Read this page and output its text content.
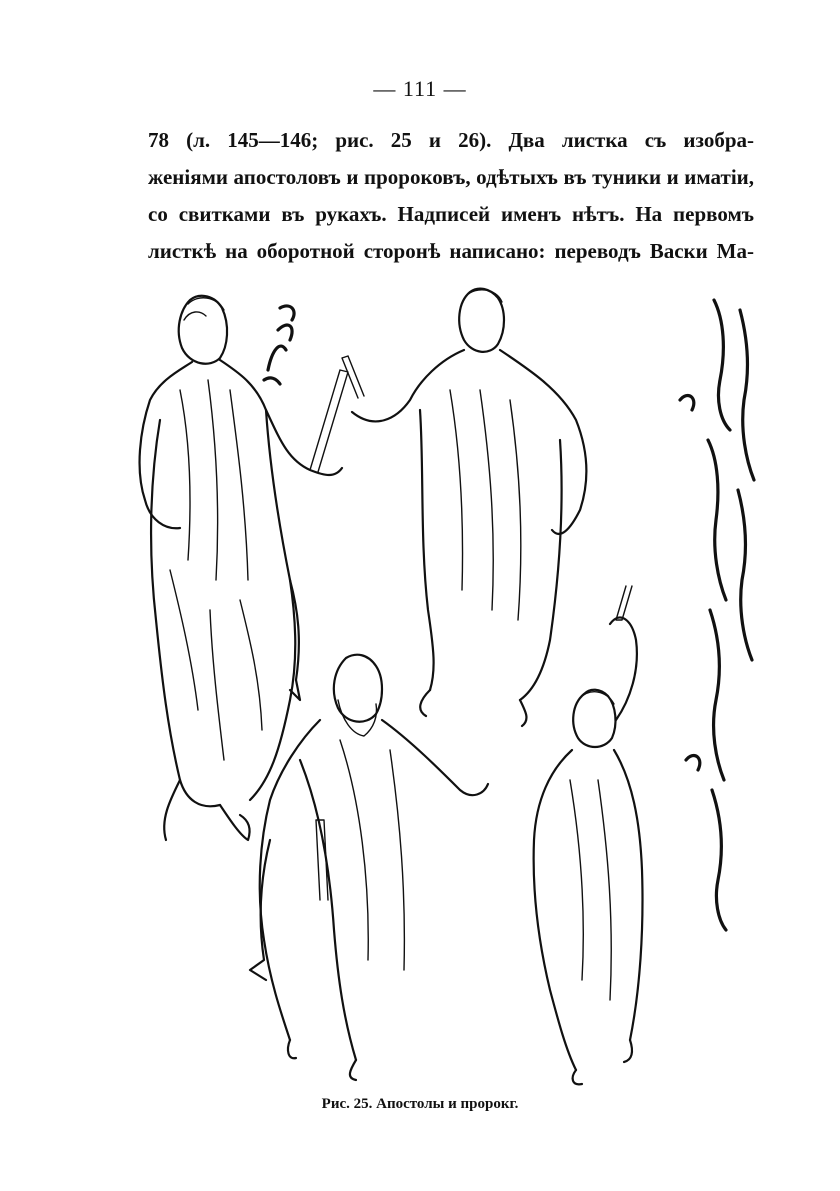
— 111 —
78 (л. 145—146; рис. 25 и 26). Два листка съ изобра-
женіями апостоловъ и пророковъ, одѣтыхъ въ туники и иматіи,
со свитками въ рукахъ. Надписей именъ нѣтъ. На первомъ
листкѣ на оборотной сторонѣ написано: переводъ Васки Ма-
Рис. 25. Апостолы и пророкг.
